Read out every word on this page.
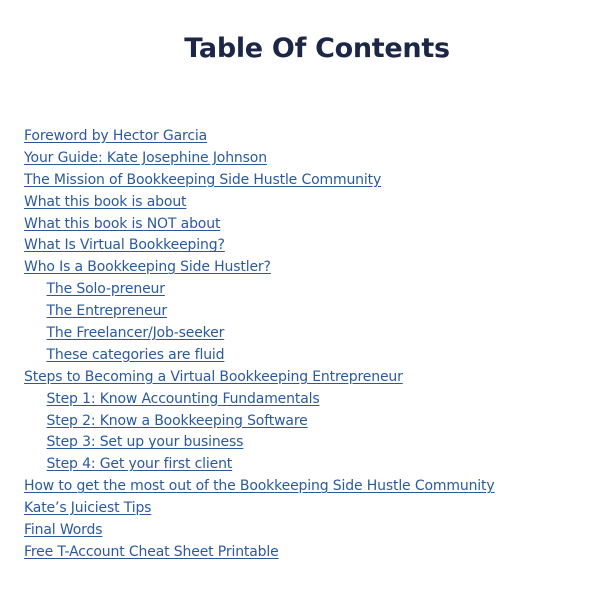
Table Of Contents
Foreword by Hector Garcia
Your Guide: Kate Josephine Johnson
The Mission of Bookkeeping Side Hustle Community
What this book is about
What this book is NOT about
What Is Virtual Bookkeeping?
Who Is a Bookkeeping Side Hustler?
The Solo-preneur
The Entrepreneur
The Freelancer/Job-seeker
These categories are fluid
Steps to Becoming a Virtual Bookkeeping Entrepreneur
Step 1: Know Accounting Fundamentals
Step 2: Know a Bookkeeping Software
Step 3: Set up your business
Step 4: Get your first client
How to get the most out of the Bookkeeping Side Hustle Community
Kate’s Juiciest Tips
Final Words
Free T-Account Cheat Sheet Printable
